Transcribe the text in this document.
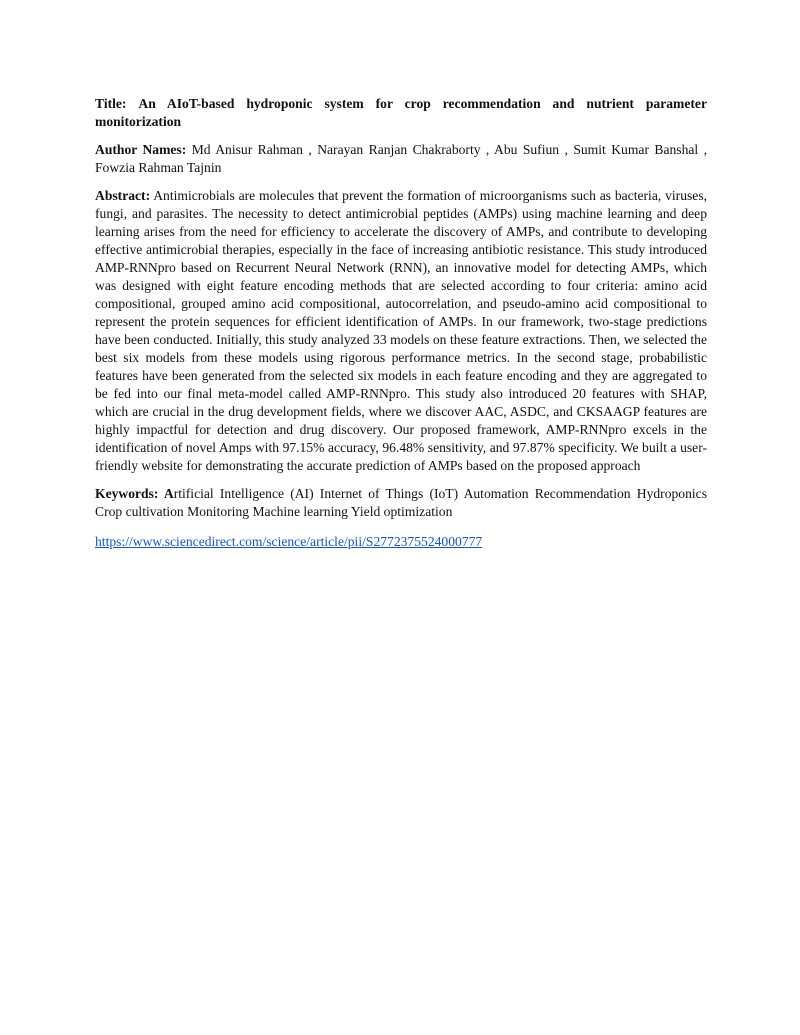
Title: An AIoT-based hydroponic system for crop recommendation and nutrient parameter monitorization

Author Names: Md Anisur Rahman , Narayan Ranjan Chakraborty , Abu Sufiun , Sumit Kumar Banshal , Fowzia Rahman Tajnin

Abstract: Antimicrobials are molecules that prevent the formation of microorganisms such as bacteria, viruses, fungi, and parasites. The necessity to detect antimicrobial peptides (AMPs) using machine learning and deep learning arises from the need for efficiency to accelerate the discovery of AMPs, and contribute to developing effective antimicrobial therapies, especially in the face of increasing antibiotic resistance. This study introduced AMP-RNNpro based on Recurrent Neural Network (RNN), an innovative model for detecting AMPs, which was designed with eight feature encoding methods that are selected according to four criteria: amino acid compositional, grouped amino acid compositional, autocorrelation, and pseudo-amino acid compositional to represent the protein sequences for efficient identification of AMPs. In our framework, two-stage predictions have been conducted. Initially, this study analyzed 33 models on these feature extractions. Then, we selected the best six models from these models using rigorous performance metrics. In the second stage, probabilistic features have been generated from the selected six models in each feature encoding and they are aggregated to be fed into our final meta-model called AMP-RNNpro. This study also introduced 20 features with SHAP, which are crucial in the drug development fields, where we discover AAC, ASDC, and CKSAAGP features are highly impactful for detection and drug discovery. Our proposed framework, AMP-RNNpro excels in the identification of novel Amps with 97.15% accuracy, 96.48% sensitivity, and 97.87% specificity. We built a user-friendly website for demonstrating the accurate prediction of AMPs based on the proposed approach

Keywords: Artificial Intelligence (AI) Internet of Things (IoT) Automation Recommendation Hydroponics Crop cultivation Monitoring Machine learning Yield optimization

https://www.sciencedirect.com/science/article/pii/S2772375524000777
